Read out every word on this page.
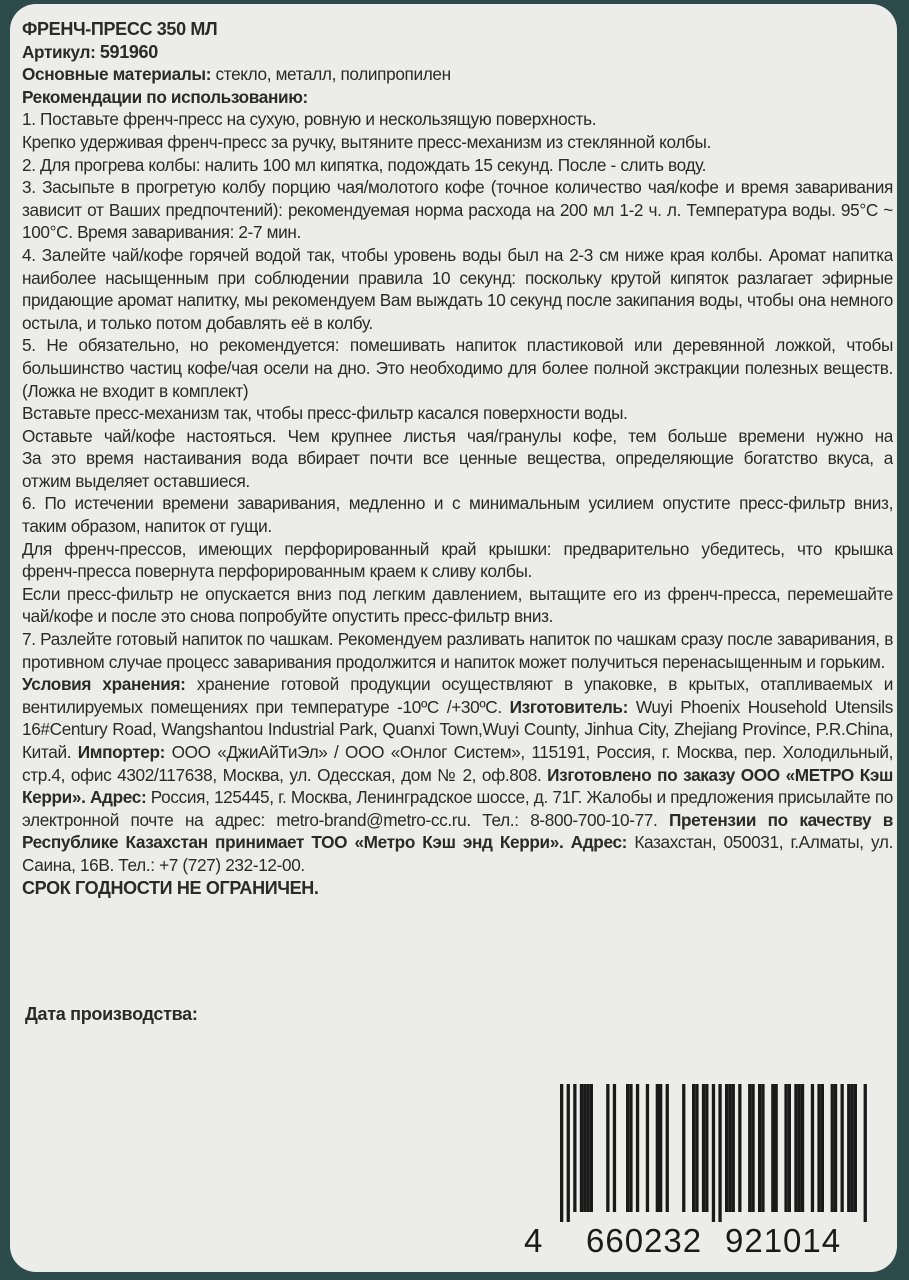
ФРЕНЧ-ПРЕСС 350 МЛ
Артикул: 591960
Основные материалы: стекло, металл, полипропилен
Рекомендации по использованию:
1. Поставьте френч-пресс на сухую, ровную и нескользящую поверхность.
Крепко удерживая френч-пресс за ручку, вытяните пресс-механизм из стеклянной колбы.
2. Для прогрева колбы: налить 100 мл кипятка, подождать 15 секунд. После - слить воду.
3. Засыпьте в прогретую колбу порцию чая/молотого кофе (точное количество чая/кофе и время заваривания
зависит от Ваших предпочтений): рекомендуемая норма расхода на 200 мл 1-2 ч. л. Температура воды. 95°С ~
100°С. Время заваривания: 2-7 мин.
4. Залейте чай/кофе горячей водой так, чтобы уровень воды был на 2-3 см ниже края колбы. Аромат напитка
наиболее насыщенным при соблюдении правила 10 секунд: поскольку крутой кипяток разлагает эфирные
придающие аромат напитку, мы рекомендуем Вам выждать 10 секунд после закипания воды, чтобы она немного
остыла, и только потом добавлять её в колбу.
5. Не обязательно, но рекомендуется: помешивать напиток пластиковой или деревянной ложкой, чтобы
большинство частиц кофе/чая осели на дно. Это необходимо для более полной экстракции полезных веществ.
(Ложка не входит в комплект)
Вставьте пресс-механизм так, чтобы пресс-фильтр касался поверхности воды.
Оставьте чай/кофе настояться. Чем крупнее листья чая/гранулы кофе, тем больше времени нужно на
За это время настаивания вода вбирает почти все ценные вещества, определяющие богатство вкуса, а
отжим выделяет оставшиеся.
6. По истечении времени заваривания, медленно и с минимальным усилием опустите пресс-фильтр вниз,
таким образом, напиток от гущи.
Для френч-прессов, имеющих перфорированный край крышки: предварительно убедитесь, что крышка
френч-пресса повернута перфорированным краем к сливу колбы.
Если пресс-фильтр не опускается вниз под легким давлением, вытащите его из френч-пресса, перемешайте
чай/кофе и после это снова попробуйте опустить пресс-фильтр вниз.
7. Разлейте готовый напиток по чашкам. Рекомендуем разливать напиток по чашкам сразу после заваривания, в
противном случае процесс заваривания продолжится и напиток может получиться перенасыщенным и горьким.
Условия хранения: хранение готовой продукции осуществляют в упаковке, в крытых, отапливаемых и
вентилируемых помещениях при температуре -10ºС /+30ºС. Изготовитель: Wuyi Phoenix Household Utensils
16#Century Road, Wangshantou Industrial Park, Quanxi Town,Wuyi County, Jinhua City, Zhejiang Province, P.R.China,
Китай. Импортер: ООО «ДжиАйТиЭл» / ООО «Онлог Систем», 115191, Россия, г. Москва, пер. Холодильный,
стр.4, офис 4302/117638, Москва, ул. Одесская, дом № 2, оф.808. Изготовлено по заказу ООО «МЕТРО Кэш
Керри». Адрес: Россия, 125445, г. Москва, Ленинградское шоссе, д. 71Г. Жалобы и предложения присылайте по
электронной почте на адрес: metro-brand@metro-cc.ru. Тел.: 8-800-700-10-77. Претензии по качеству в
Республике Казахстан принимает ТОО «Метро Кэш энд Керри». Адрес: Казахстан, 050031, г.Алматы, ул.
Саина, 16В. Тел.: +7 (727) 232-12-00.
СРОК ГОДНОСТИ НЕ ОГРАНИЧЕН.
Дата производства:
4 660232 921014
